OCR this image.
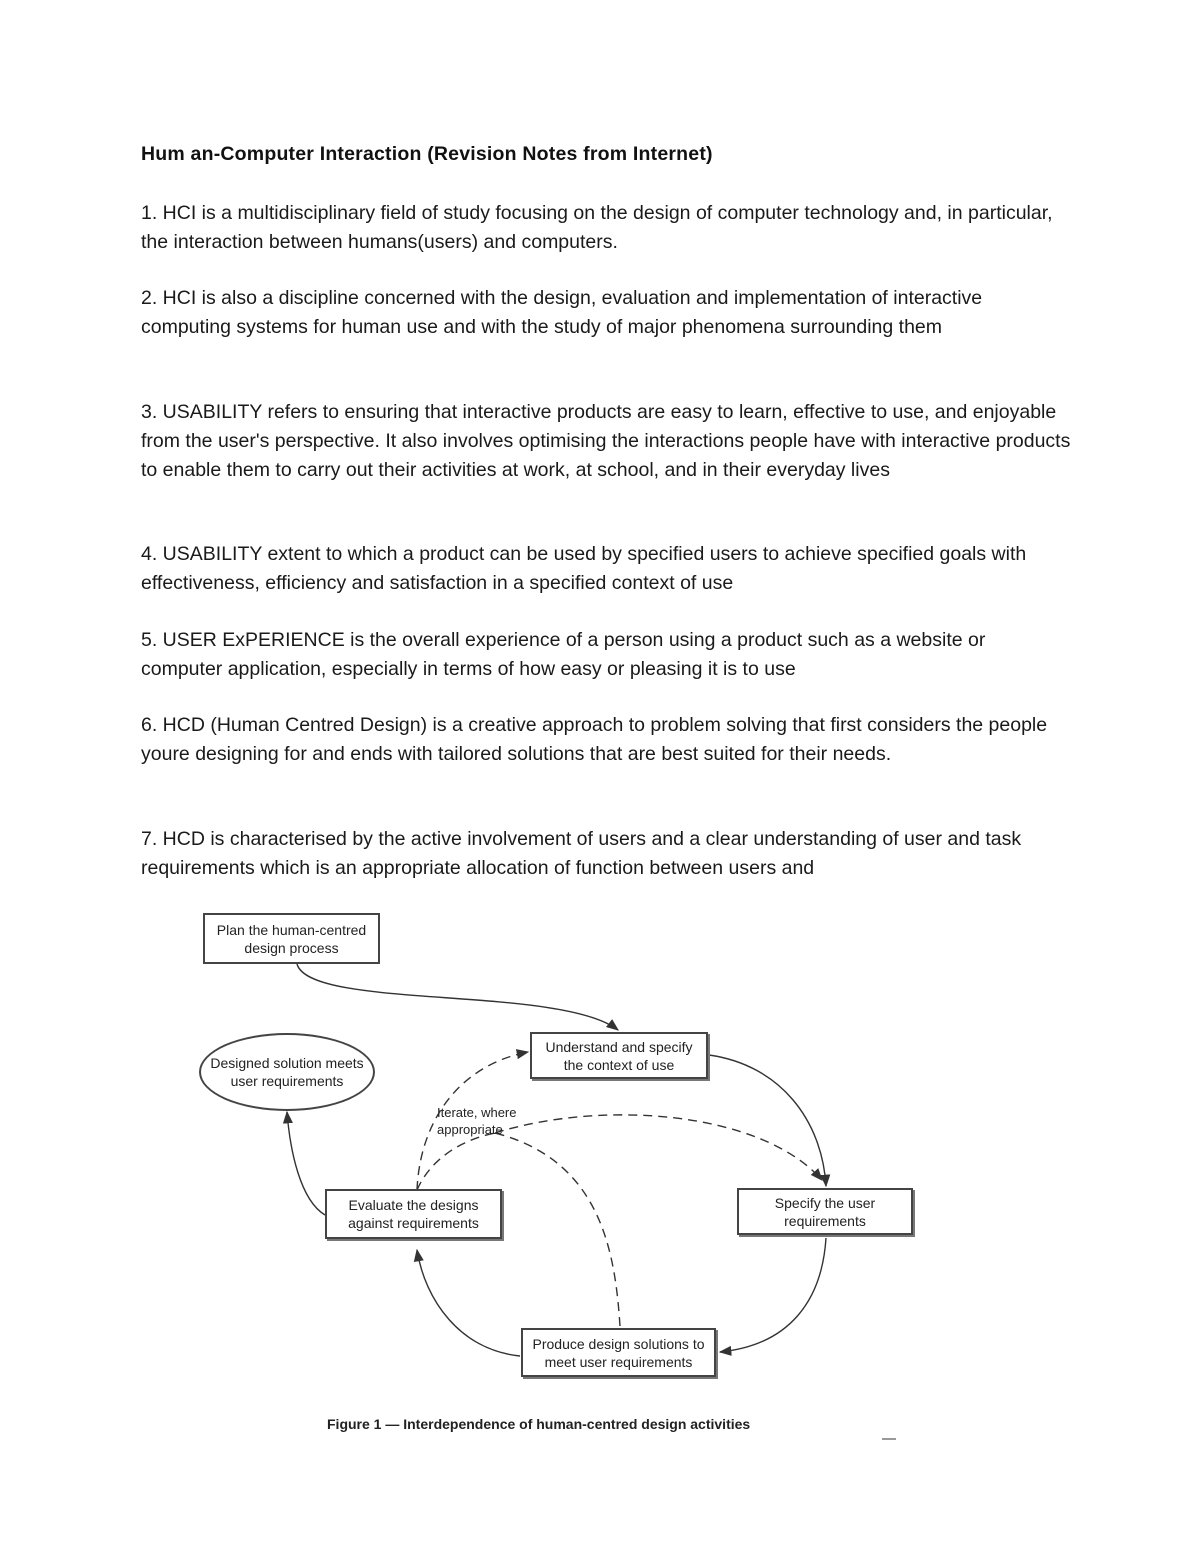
Hum an-Computer Interaction (Revision Notes from Internet)

1. HCI is a multidisciplinary field of study focusing on the design of computer technology and, in particular, the interaction between humans(users) and computers.

2. HCI is also a discipline concerned with the design, evaluation and implementation of interactive computing systems for human use and with the study of major phenomena surrounding them

3. USABILITY refers to ensuring that interactive products are easy to learn, effective to use, and enjoyable from the user's perspective. It also involves optimising the interactions people have with interactive products to enable them to carry out their activities at work, at school, and in their everyday lives

4. USABILITY extent to which a product can be used by specified users to achieve specified goals with effectiveness, efficiency and satisfaction in a specified context of use

5. USER ExPERIENCE is the overall experience of a person using a product such as a website or computer application, especially in terms of how easy or pleasing it is to use

6. HCD (Human Centred Design) is a creative approach to problem solving that first considers the people youre designing for and ends with tailored solutions that are best suited for their needs.

7. HCD is characterised by the active involvement of users and a clear understanding of user and task requirements which is an appropriate allocation of function between users and

Plan the human-centred design process
Understand and specify the context of use
Specify the user requirements
Produce design solutions to meet user requirements
Evaluate the designs against requirements
Designed solution meets user requirements
Iterate, where appropriate

Figure 1 — Interdependence of human-centred design activities
